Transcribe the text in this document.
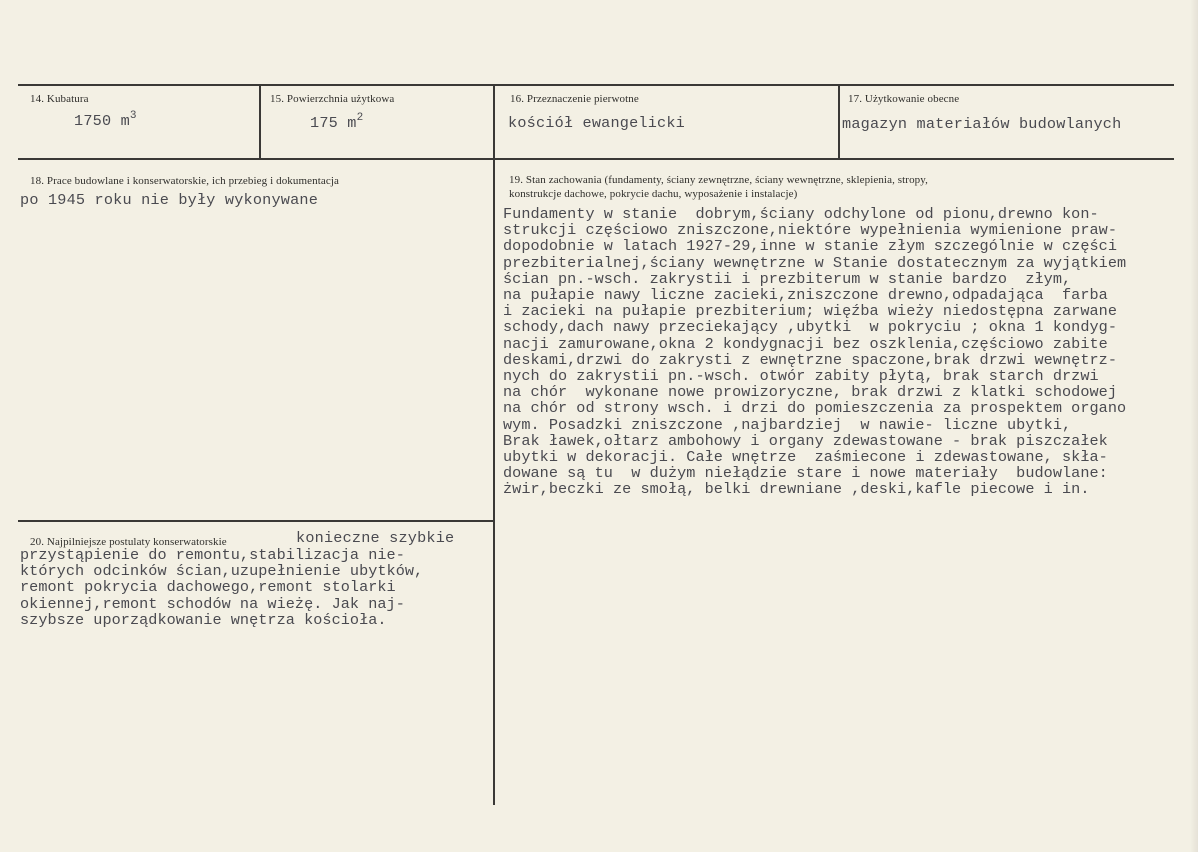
14. Kubatura
1750 $m^3$
15. Powierzchnia użytkowa
175 $m^2$
16. Przeznaczenie pierwotne
kościół ewangelicki
17. Użytkowanie obecne
magazyn materiałów budowlanych
18. Prace budowlane i konserwatorskie, ich przebieg i dokumentacja
po 1945 roku nie były wykonywane
19. Stan zachowania (fundamenty, ściany zewnętrzne, ściany wewnętrzne, sklepienia, stropy,
konstrukcje dachowe, pokrycie dachu, wyposażenie i instalacje)
Fundamenty w stanie  dobrym,ściany odchylone od pionu,drewno kon-
strukcji częściowo zniszczone,niektóre wypełnienia wymienione praw-
dopodobnie w latach 1927-29,inne w stanie złym szczególnie w części
prezbiterialnej,ściany wewnętrzne w Stanie dostatecznym za wyjątkiem
ścian pn.-wsch. zakrystii i prezbiterum w stanie bardzo  złym,
na pułapie nawy liczne zacieki,zniszczone drewno,odpadająca  farba
i zacieki na pułapie prezbiterium; więźba wieży niedostępna zarwane
schody,dach nawy przeciekający ,ubytki  w pokryciu ; okna 1 kondyg-
nacji zamurowane,okna 2 kondygnacji bez oszklenia,częściowo zabite
deskami,drzwi do zakrysti z ewnętrzne spaczone,brak drzwi wewnętrz-
nych do zakrystii pn.-wsch. otwór zabity płytą, brak starch drzwi
na chór  wykonane nowe prowizoryczne, brak drzwi z klatki schodowej
na chór od strony wsch. i drzi do pomieszczenia za prospektem organo
wym. Posadzki zniszczone ,najbardziej  w nawie- liczne ubytki,
Brak ławek,ołtarz ambohowy i organy zdewastowane - brak piszczałek
ubytki w dekoracji. Całe wnętrze  zaśmiecone i zdewastowane, skła-
dowane są tu  w dużym niełądzie stare i nowe materiały  budowlane:
żwir,beczki ze smołą, belki drewniane ,deski,kafle piecowe i in.
20. Najpilniejsze postulaty konserwatorskie	konieczne szybkie
przystąpienie do remontu,stabilizacja nie-
których odcinków ścian,uzupełnienie ubytków,
remont pokrycia dachowego,remont stolarki
okiennej,remont schodów na wieżę. Jak naj-
szybsze uporządkowanie wnętrza kościoła.
